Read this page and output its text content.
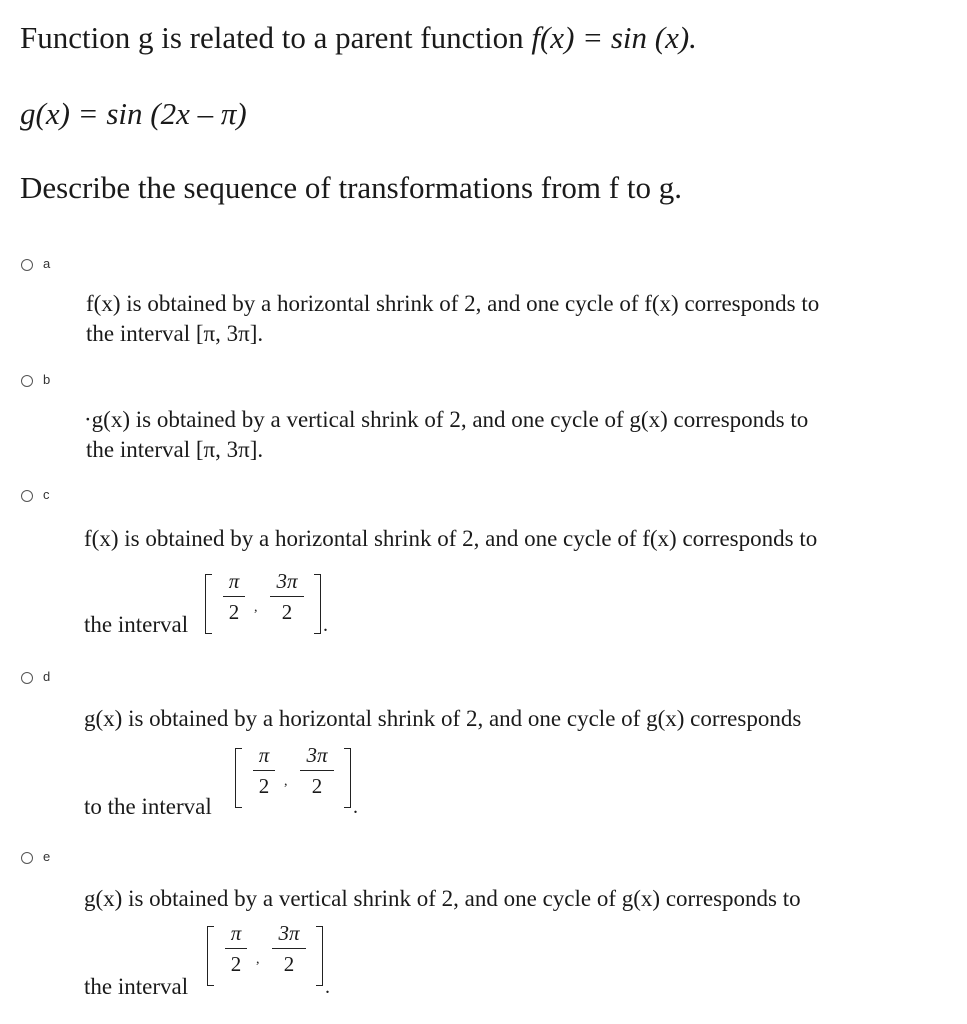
Function g is related to a parent function f(x) = sin (x).
g(x) = sin (2x – π)
Describe the sequence of transformations from f to g.
a
f(x) is obtained by a horizontal shrink of 2, and one cycle of f(x) corresponds to
the interval [π, 3π].
b
·g(x) is obtained by a vertical shrink of 2, and one cycle of g(x) corresponds to
the interval [π, 3π].
c
f(x) is obtained by a horizontal shrink of 2, and one cycle of f(x) corresponds to
the interval
π
2	,
3π
2
.
d
g(x) is obtained by a horizontal shrink of 2, and one cycle of g(x) corresponds
to the interval
π
2	,
3π
2
.
e
g(x) is obtained by a vertical shrink of 2, and one cycle of g(x) corresponds to
the interval
π
2	,
3π
2
.
